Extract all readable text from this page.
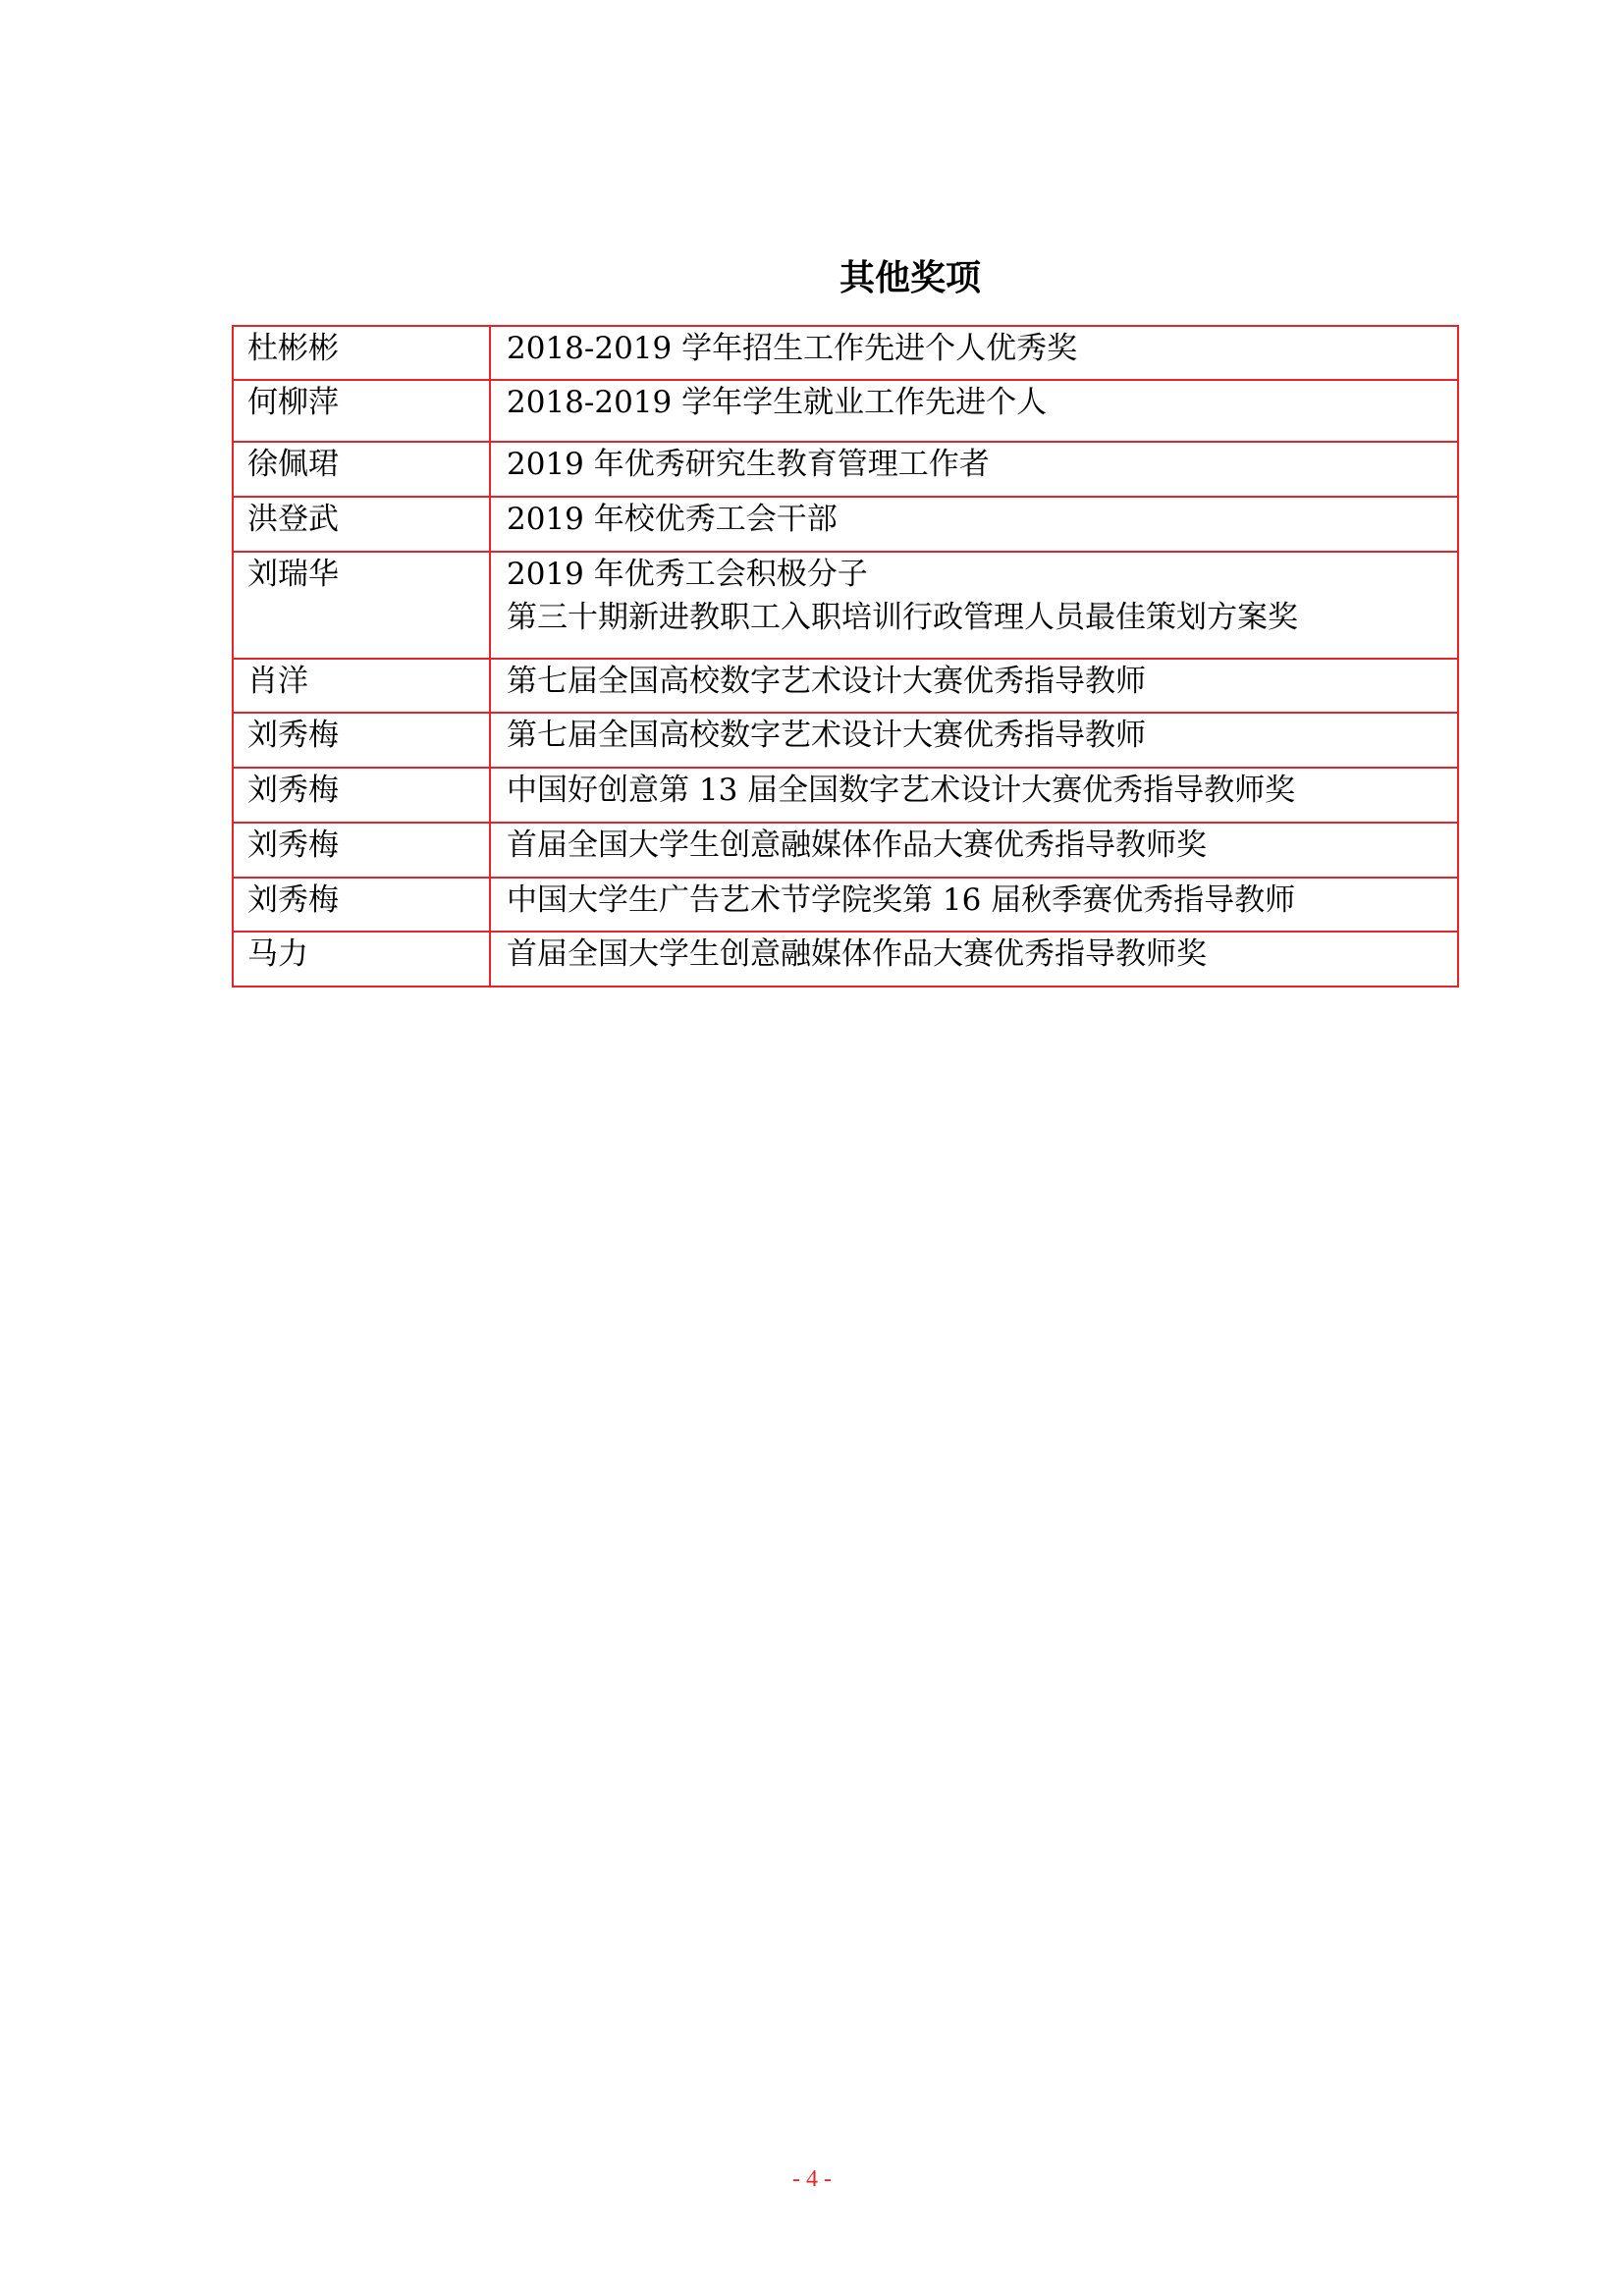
其他奖项
杜彬彬	2018-2019 学年招生工作先进个人优秀奖

何柳萍	2018-2019 学年学生就业工作先进个人

徐佩珺	2019 年优秀研究生教育管理工作者

洪登武	2019 年校优秀工会干部

刘瑞华	2019 年优秀工会积极分子
第三十期新进教职工入职培训行政管理人员最佳策划方案奖

肖洋	第七届全国高校数字艺术设计大赛优秀指导教师

刘秀梅	第七届全国高校数字艺术设计大赛优秀指导教师

刘秀梅	中国好创意第 13 届全国数字艺术设计大赛优秀指导教师奖

刘秀梅	首届全国大学生创意融媒体作品大赛优秀指导教师奖

刘秀梅	中国大学生广告艺术节学院奖第 16 届秋季赛优秀指导教师

马力	首届全国大学生创意融媒体作品大赛优秀指导教师奖
- 4 -
